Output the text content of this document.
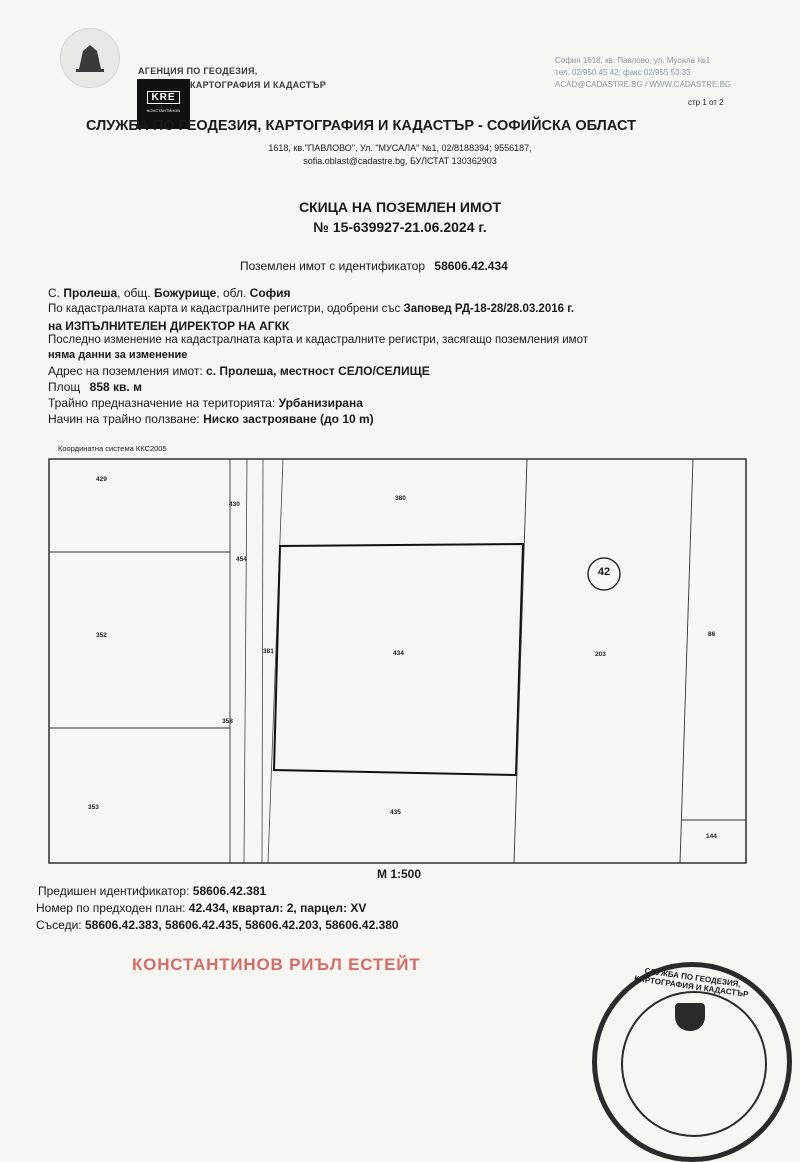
АГЕНЦИЯ ПО ГЕОДЕЗИЯ,
КАРТОГРАФИЯ И КАДАСТЪР
KRE
КОНСТАНТИНОВ
София 1618, кв. Павлово, ул. Мусала №1
тел. 02/950 45 42; факс 02/955 53 33
ACAD@CADASTRE.BG / WWW.CADASTRE.BG
стр 1 от 2
СЛУЖБА ПО ГЕОДЕЗИЯ, КАРТОГРАФИЯ И КАДАСТЪР - СОФИЙСКА ОБЛАСТ
1618, кв."ПАВЛОВО", Ул. "МУСАЛА" №1, 02/8188394; 9556187,
sofia.oblast@cadastre.bg, БУЛСТАТ 130362903
СКИЦА НА ПОЗЕМЛЕН ИМОТ
№ 15-639927-21.06.2024 г.
Поземлен имот с идентификатор 58606.42.434
С. Пролеша, общ. Божурище, обл. София
По кадастралната карта и кадастралните регистри, одобрени със Заповед РД-18-28/28.03.2016 г.
на ИЗПЪЛНИТЕЛЕН ДИРЕКТОР НА АГКК
Последно изменение на кадастралната карта и кадастралните регистри, засягащо поземления имот
няма данни за изменение
Адрес на поземления имот: с. Пролеша, местност СЕЛО/СЕЛИЩЕ
Площ 858 кв. м
Трайно предназначение на територията: Урбанизирана
Начин на трайно ползване: Ниско застрояване (до 10 m)
Координатна система ККС2005
42
429
430
380
454
352
381	434	203
86
358
353
435
144
М 1:500
Предишен идентификатор: 58606.42.381
Номер по предходен план: 42.434, квартал: 2, парцел: XV
Съседи: 58606.42.383, 58606.42.435, 58606.42.203, 58606.42.380
КОНСТАНТИНОВ РИЪЛ ЕСТЕЙТ
СЛУЖБА ПО ГЕОДЕЗИЯ, КАРТОГРАФИЯ И КАДАСТЪР
